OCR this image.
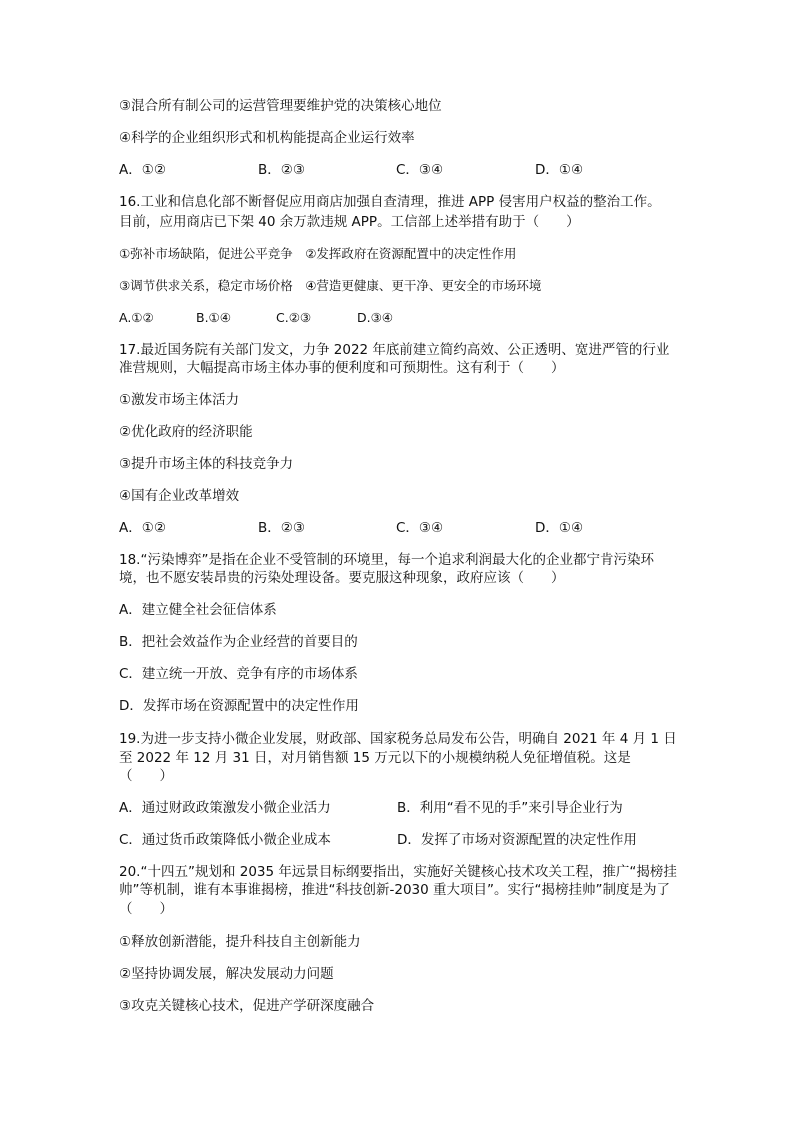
③混合所有制公司的运营管理要维护党的决策核心地位
④科学的企业组织形式和机构能提高企业运行效率
A．①②	B．②③	C．③④	D．①④
16.工业和信息化部不断督促应用商店加强自查清理，推进 APP 侵害用户权益的整治工作。
目前，应用商店已下架 40 余万款违规 APP。工信部上述举措有助于（　　）
①弥补市场缺陷，促进公平竞争　②发挥政府在资源配置中的决定性作用
③调节供求关系，稳定市场价格　④营造更健康、更干净、更安全的市场环境
A.①②	B.①④	C.②③	D.③④
17.最近国务院有关部门发文，力争 2022 年底前建立简约高效、公正透明、宽进严管的行业
准营规则，大幅提高市场主体办事的便利度和可预期性。这有利于（　　）
①激发市场主体活力
②优化政府的经济职能
③提升市场主体的科技竞争力
④国有企业改革增效
A．①②	B．②③	C．③④	D．①④
18.“污染博弈”是指在企业不受管制的环境里，每一个追求利润最大化的企业都宁肯污染环
境，也不愿安装昂贵的污染处理设备。要克服这种现象，政府应该（　　）
A．建立健全社会征信体系
B．把社会效益作为企业经营的首要目的
C．建立统一开放、竞争有序的市场体系
D．发挥市场在资源配置中的决定性作用
19.为进一步支持小微企业发展，财政部、国家税务总局发布公告，明确自 2021 年 4 月 1 日
至 2022 年 12 月 31 日，对月销售额 15 万元以下的小规模纳税人免征增值税。这是
（　　）
A．通过财政政策激发小微企业活力	B．利用“看不见的手”来引导企业行为
C．通过货币政策降低小微企业成本	D．发挥了市场对资源配置的决定性作用
20.“十四五”规划和 2035 年远景目标纲要指出，实施好关键核心技术攻关工程，推广“揭榜挂
帅”等机制，谁有本事谁揭榜，推进“科技创新-2030 重大项目”。实行“揭榜挂帅”制度是为了
（　　）
①释放创新潜能，提升科技自主创新能力
②坚持协调发展，解决发展动力问题
③攻克关键核心技术，促进产学研深度融合
